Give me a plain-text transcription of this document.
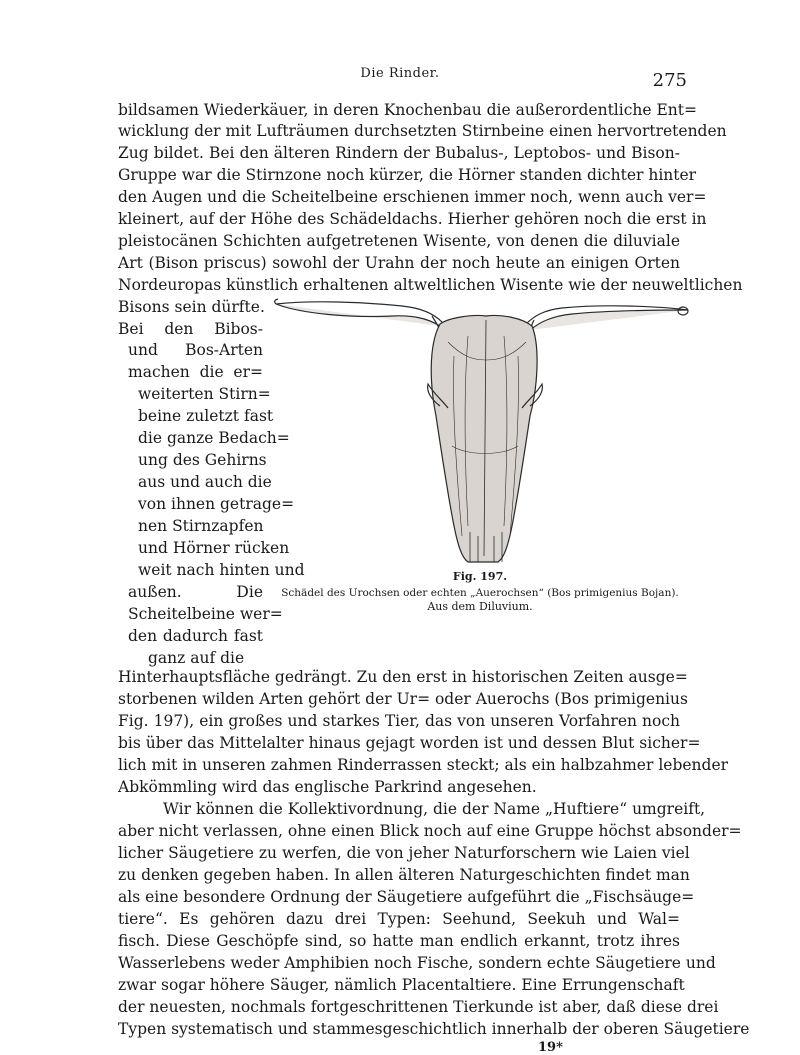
Die Rinder.	275
bildsamen Wiederkäuer, in deren Knochenbau die außerordentliche Ent=
wicklung der mit Lufträumen durchsetzten Stirnbeine einen hervortretenden
Zug bildet. Bei den älteren Rindern der Bubalus-, Leptobos- und Bison-
Gruppe war die Stirnzone noch kürzer, die Hörner standen dichter hinter
den Augen und die Scheitelbeine erschienen immer noch, wenn auch ver=
kleinert, auf der Höhe des Schädeldachs. Hierher gehören noch die erst in
pleistocänen Schichten aufgetretenen Wisente, von denen die diluviale
Art (Bison priscus) sowohl der Urahn der noch heute an einigen Orten
Nordeuropas künstlich erhaltenen altweltlichen Wisente wie der neuweltlichen
Bisons sein dürfte.
Bei den Bibos-
und Bos-Arten
machen die er=
weiterten Stirn=
beine zuletzt fast
die ganze Bedach=
ung des Gehirns
aus und auch die
von ihnen getrage=
nen Stirnzapfen
und Hörner rücken
weit nach hinten und
außen. Die
Scheitelbeine wer=
den dadurch fast
ganz auf die
Fig. 197.
Schädel des Urochsen oder echten „Auerochsen“ (Bos primigenius Bojan).
Aus dem Diluvium.
Hinterhauptsfläche gedrängt. Zu den erst in historischen Zeiten ausge=
storbenen wilden Arten gehört der Ur= oder Auerochs (Bos primigenius
Fig. 197), ein großes und starkes Tier, das von unseren Vorfahren noch
bis über das Mittelalter hinaus gejagt worden ist und dessen Blut sicher=
lich mit in unseren zahmen Rinderrassen steckt; als ein halbzahmer lebender
Abkömmling wird das englische Parkrind angesehen.
Wir können die Kollektivordnung, die der Name „Huftiere“ umgreift,
aber nicht verlassen, ohne einen Blick noch auf eine Gruppe höchst absonder=
licher Säugetiere zu werfen, die von jeher Naturforschern wie Laien viel
zu denken gegeben haben. In allen älteren Naturgeschichten findet man
als eine besondere Ordnung der Säugetiere aufgeführt die „Fischsäuge=
tiere“. Es gehören dazu drei Typen: Seehund, Seekuh und Wal=
fisch. Diese Geschöpfe sind, so hatte man endlich erkannt, trotz ihres
Wasserlebens weder Amphibien noch Fische, sondern echte Säugetiere und
zwar sogar höhere Säuger, nämlich Placentaltiere. Eine Errungenschaft
der neuesten, nochmals fortgeschrittenen Tierkunde ist aber, daß diese drei
Typen systematisch und stammesgeschichtlich innerhalb der oberen Säugetiere
19*
